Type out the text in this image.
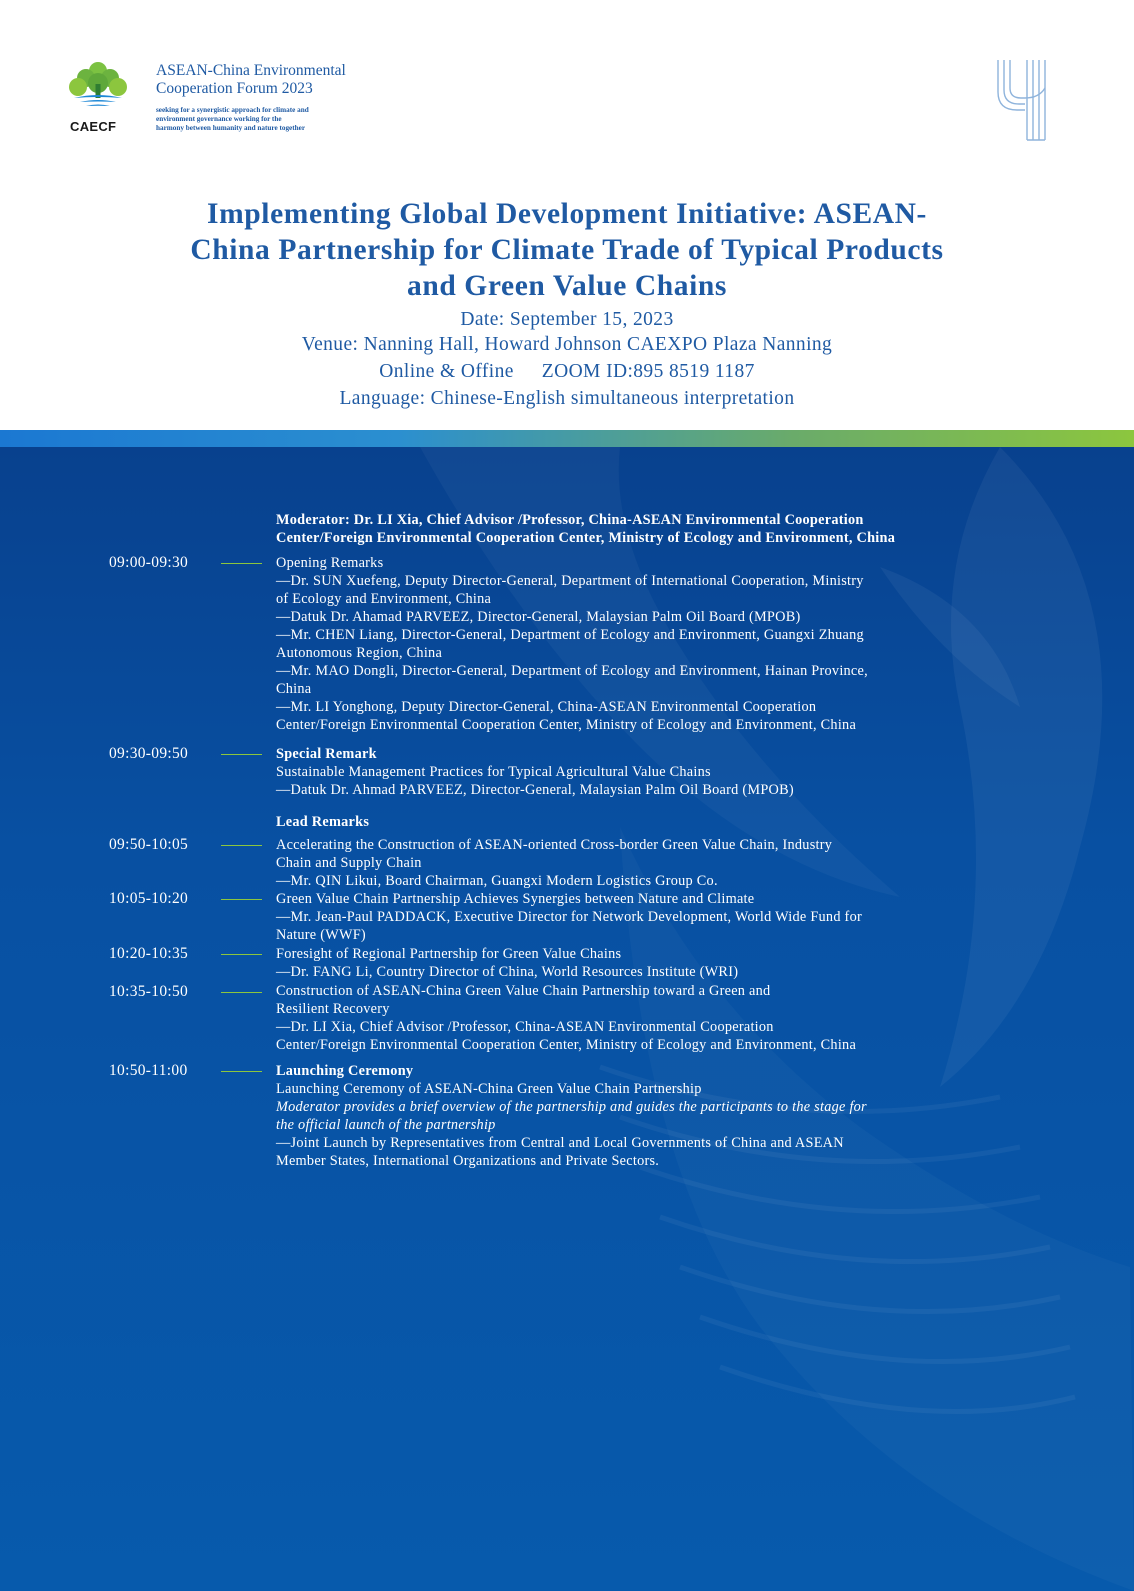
CAECF
ASEAN-China Environmental
Cooperation Forum 2023
seeking for a synergistic approach for climate and
environment governance working for the
harmony between humanity and nature together
Implementing Global Development Initiative: ASEAN-
China Partnership for Climate Trade of Typical Products
and Green Value Chains
Date: September 15, 2023
Venue: Nanning Hall, Howard Johnson CAEXPO Plaza Nanning
Online & Offine ZOOM ID:895 8519 1187
Language: Chinese-English simultaneous interpretation
Moderator: Dr. LI Xia, Chief Advisor /Professor, China-ASEAN Environmental Cooperation
Center/Foreign Environmental Cooperation Center, Ministry of Ecology and Environment, China
09:00-09:30	Opening Remarks
—Dr. SUN Xuefeng, Deputy Director-General, Department of International Cooperation, Ministry
of Ecology and Environment, China
—Datuk Dr. Ahamad PARVEEZ, Director-General, Malaysian Palm Oil Board (MPOB)
—Mr. CHEN Liang, Director-General, Department of Ecology and Environment, Guangxi Zhuang
Autonomous Region, China
—Mr. MAO Dongli, Director-General, Department of Ecology and Environment, Hainan Province,
China
—Mr. LI Yonghong, Deputy Director-General, China-ASEAN Environmental Cooperation
Center/Foreign Environmental Cooperation Center, Ministry of Ecology and Environment, China
09:30-09:50	Special Remark
Sustainable Management Practices for Typical Agricultural Value Chains
—Datuk Dr. Ahmad PARVEEZ, Director-General, Malaysian Palm Oil Board (MPOB)
Lead Remarks
09:50-10:05	Accelerating the Construction of ASEAN-oriented Cross-border Green Value Chain, Industry
Chain and Supply Chain
—Mr. QIN Likui, Board Chairman, Guangxi Modern Logistics Group Co.
10:05-10:20	Green Value Chain Partnership Achieves Synergies between Nature and Climate
—Mr. Jean-Paul PADDACK, Executive Director for Network Development, World Wide Fund for
Nature (WWF)
10:20-10:35	Foresight of Regional Partnership for Green Value Chains
—Dr. FANG Li, Country Director of China, World Resources Institute (WRI)
10:35-10:50	Construction of ASEAN-China Green Value Chain Partnership toward a Green and
Resilient Recovery
—Dr. LI Xia, Chief Advisor /Professor, China-ASEAN Environmental Cooperation
Center/Foreign Environmental Cooperation Center, Ministry of Ecology and Environment, China
10:50-11:00	Launching Ceremony
Launching Ceremony of ASEAN-China Green Value Chain Partnership
Moderator provides a brief overview of the partnership and guides the participants to the stage for
the official launch of the partnership
—Joint Launch by Representatives from Central and Local Governments of China and ASEAN
Member States, International Organizations and Private Sectors.
